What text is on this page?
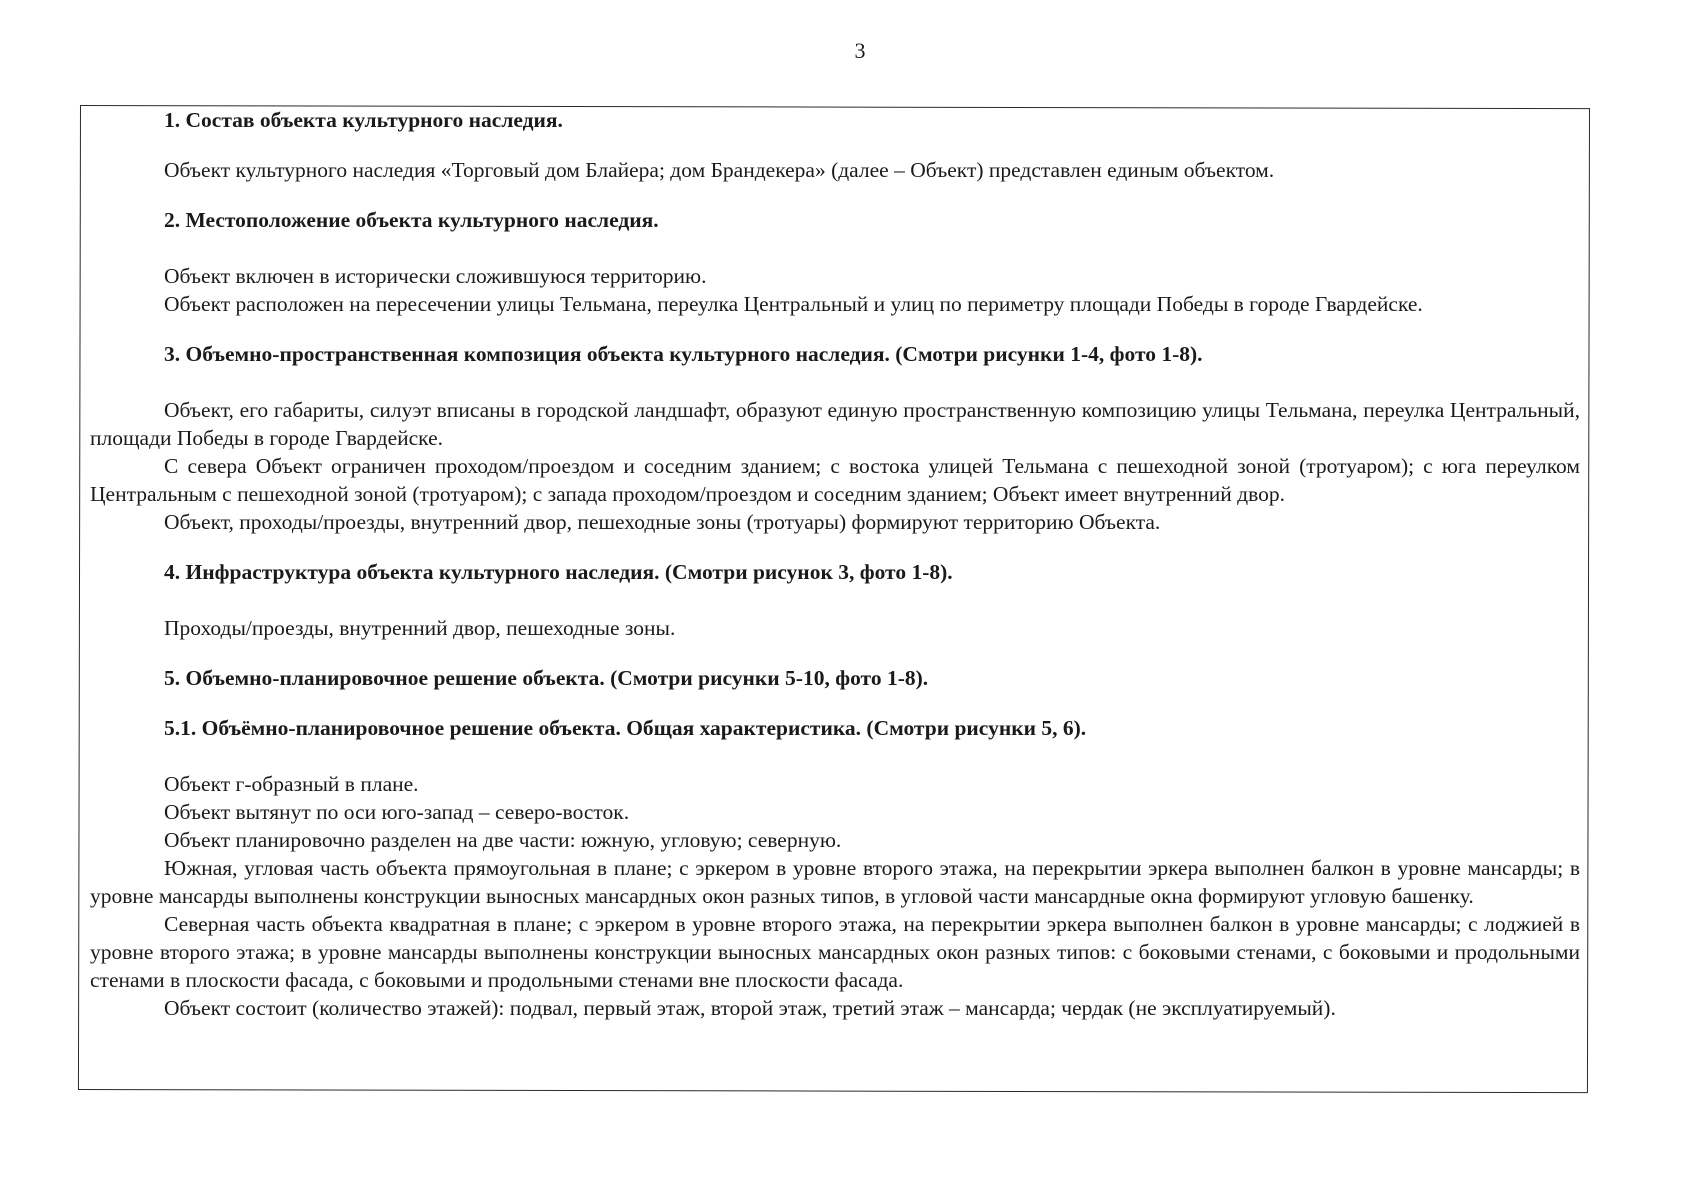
3

1. Состав объекта культурного наследия.

Объект культурного наследия «Торговый дом Блайера; дом Брандекера» (далее – Объект) представлен единым объектом.

2. Местоположение объекта культурного наследия.

Объект включен в исторически сложившуюся территорию.

Объект расположен на пересечении улицы Тельмана, переулка Центральный и улиц по периметру площади Победы в городе Гвардейске.

3. Объемно-пространственная композиция объекта культурного наследия. (Смотри рисунки 1-4, фото 1-8).

Объект, его габариты, силуэт вписаны в городской ландшафт, образуют единую пространственную композицию улицы Тельмана, переулка Центральный, площади Победы в городе Гвардейске.

С севера Объект ограничен проходом/проездом и соседним зданием; с востока улицей Тельмана с пешеходной зоной (тротуаром); с юга переулком Центральным с пешеходной зоной (тротуаром); с запада проходом/проездом и соседним зданием; Объект имеет внутренний двор.

Объект, проходы/проезды, внутренний двор, пешеходные зоны (тротуары) формируют территорию Объекта.

4. Инфраструктура объекта культурного наследия. (Смотри рисунок 3, фото 1-8).

Проходы/проезды, внутренний двор, пешеходные зоны.

5. Объемно-планировочное решение объекта. (Смотри рисунки 5-10, фото 1-8).

5.1. Объёмно-планировочное решение объекта. Общая характеристика. (Смотри рисунки 5, 6).

Объект г-образный в плане.

Объект вытянут по оси юго-запад – северо-восток.

Объект планировочно разделен на две части: южную, угловую; северную.

Южная, угловая часть объекта прямоугольная в плане; с эркером в уровне второго этажа, на перекрытии эркера выполнен балкон в уровне мансарды; в уровне мансарды выполнены конструкции выносных мансардных окон разных типов, в угловой части мансардные окна формируют угловую башенку.

Северная часть объекта квадратная в плане; с эркером в уровне второго этажа, на перекрытии эркера выполнен балкон в уровне мансарды; с лоджией в уровне второго этажа; в уровне мансарды выполнены конструкции выносных мансардных окон разных типов: с боковыми стенами, с боковыми и продольными стенами в плоскости фасада, с боковыми и продольными стенами вне плоскости фасада.

Объект состоит (количество этажей): подвал, первый этаж, второй этаж, третий этаж – мансарда; чердак (не эксплуатируемый).
